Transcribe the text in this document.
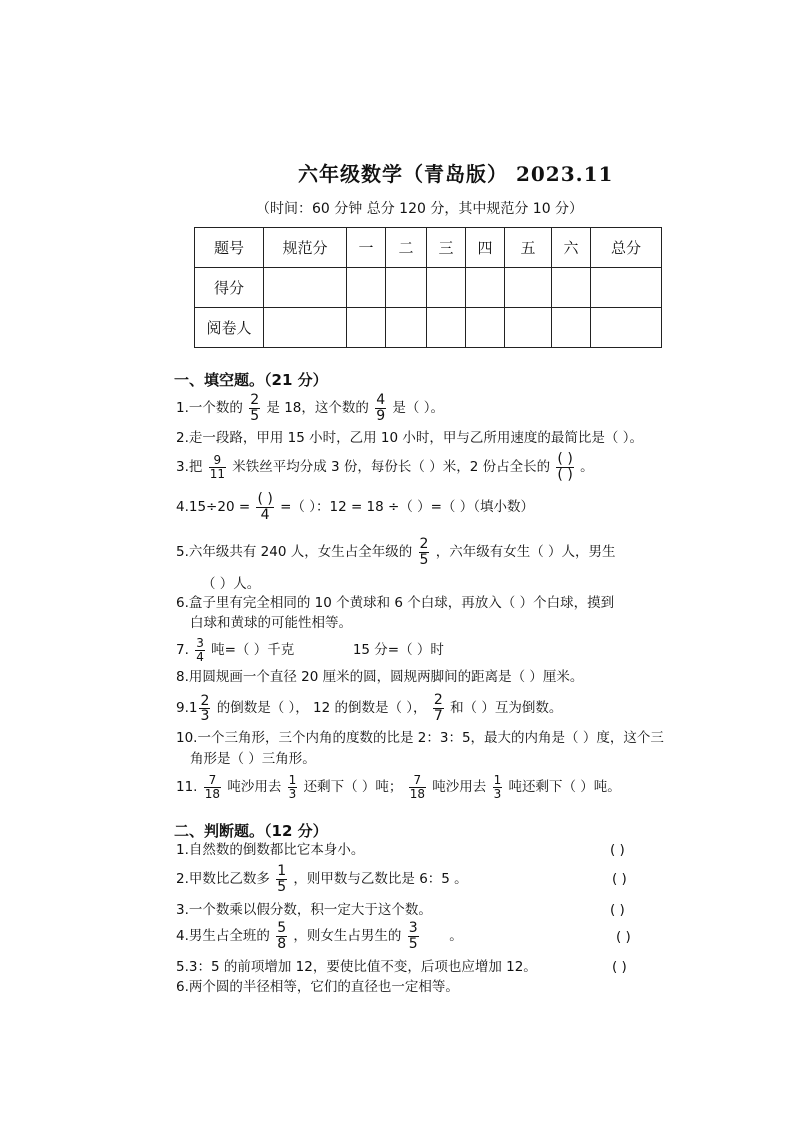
六年级数学（青岛版） 2023.11
（时间：60 分钟 总分 120 分，其中规范分 10 分）
题号	规范分	一	二	三	四	五	六	总分
得分								
阅卷人								
一、填空题。（21 分）
1.一个数的 $\frac{2}{5}$ 是 18，这个数的 $\frac{4}{9}$ 是（ ）。
2.走一段路，甲用 15 小时，乙用 10 小时，甲与乙所用速度的最简比是（ ）。
3.把 $\frac{9}{11}$ 米铁丝平均分成 3 份，每份长（ ）米，2 份占全长的 $\frac{( )}{( )}$ 。
$4.15\div 20 = \frac{( )}{4}$ =（ ）：12 = 18 ÷（ ）=（ ）（填小数）
5.六年级共有 240 人，女生占全年级的 $\frac{2}{5}$ ，六年级有女生（ ）人，男生
（ ）人。
6.盒子里有完全相同的 10 个黄球和 6 个白球，再放入（ ）个白球，摸到
白球和黄球的可能性相等。
7. $\frac{3}{4}$ 吨=（ ）千克	15 分=（ ）时
8.用圆规画一个直径 20 厘米的圆，圆规两脚间的距离是（ ）厘米。
9. $1 \frac{2}{3}$ 的倒数是（ ）， 12 的倒数是（ ）， $\frac{2}{7}$ 和（ ）互为倒数。
10.一个三角形，三个内角的度数的比是 2：3：5，最大的内角是（ ）度，这个三
角形是（ ）三角形。
11. $\frac{7}{18}$ 吨沙用去 $\frac{1}{3}$ 还剩下（ ）吨； $\frac{7}{18}$ 吨沙用去 $\frac{1}{3}$ 吨还剩下（ ）吨。
二、判断题。（12 分）
1.自然数的倒数都比它本身小。	( )
2.甲数比乙数多 $\frac{1}{5}$ ，则甲数与乙数比是 6：5 。	( )
3.一个数乘以假分数，积一定大于这个数。	( )
4.男生占全班的 $\frac{5}{8}$ ，则女生占男生的 $\frac{3}{5}$ 。	( )
5.3：5 的前项增加 12，要使比值不变，后项也应增加 12。	( )
6.两个圆的半径相等，它们的直径也一定相等。
